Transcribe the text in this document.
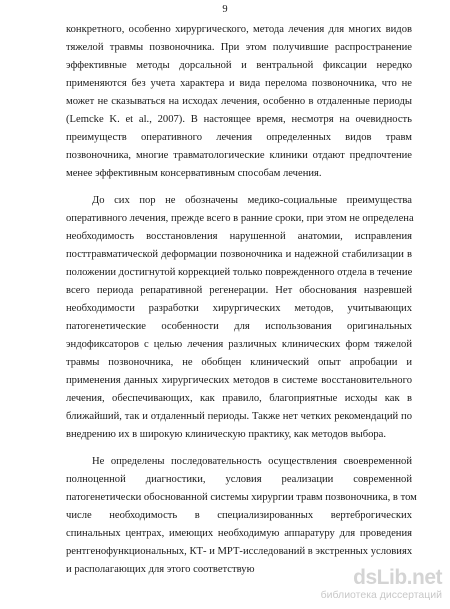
9
конкретного, особенно хирургического, метода лечения для многих видов
тяжелой травмы позвоночника. При этом получившие распространение
эффективные методы дорсальной и вентральной фиксации нередко
применяются без учета характера и вида перелома позвоночника, что не
может не сказываться на исходах лечения, особенно в отдаленные периоды
(Lemcke K. et al., 2007). В настоящее время, несмотря на очевидность
преимуществ оперативного лечения определенных видов травм
позвоночника, многие травматологические клиники отдают предпочтение
менее эффективным консервативным способам лечения.
До сих пор не обозначены медико-социальные преимущества
оперативного лечения, прежде всего в ранние сроки, при этом не определена
необходимость восстановления нарушенной анатомии, исправления
посттравматической деформации позвоночника и надежной стабилизации в
положении достигнутой коррекцией только поврежденного отдела в течение
всего периода репаративной регенерации. Нет обоснования назревшей
необходимости разработки хирургических методов, учитывающих
патогенетические особенности для использования оригинальных
эндофиксаторов с целью лечения различных клинических форм тяжелой
травмы позвоночника, не обобщен клинический опыт апробации и
применения данных хирургических методов в системе восстановительного
лечения, обеспечивающих, как правило, благоприятные исходы как в
ближайший, так и отдаленный периоды. Также нет четких рекомендаций по
внедрению их в широкую клиническую практику, как методов выбора.
Не определены последовательность осуществления своевременной
полноценной диагностики, условия реализации современной
патогенетически обоснованной системы хирургии травм позвоночника, в том
числе необходимость в специализированных вертеброгических
спинальных центрах, имеющих необходимую аппаратуру для проведения
рентгенофункциональных, КТ- и МРТ-исследований в экстренных условиях
и располагающих для этого соответствую	dsLib.net
библиотека диссертаций
